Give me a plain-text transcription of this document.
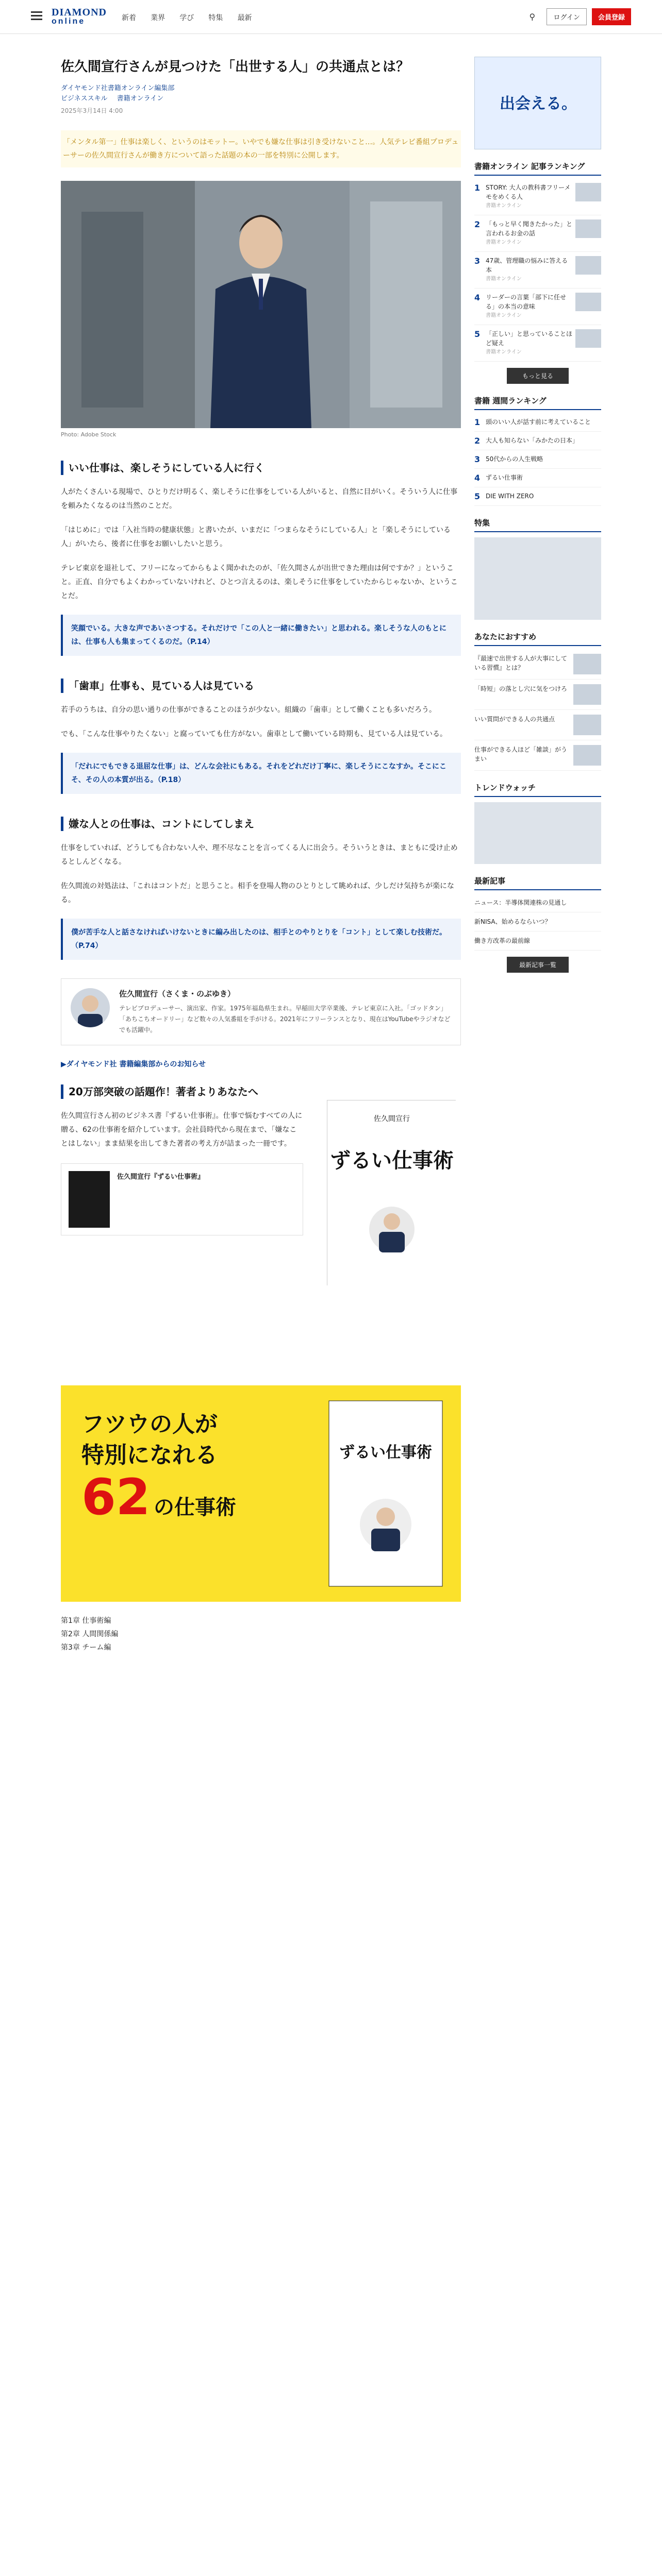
DIAMOND
online	新着 業界 学び 特集 最新	⚲	ログイン	会員登録
佐久間宣行さんが見つけた「出世する人」の共通点とは？
ダイヤモンド社書籍オンライン編集部
ビジネススキル 書籍オンライン
2025年3月14日 4:00
「メンタル第一」仕事は楽しく、というのはモットー。いやでも嫌な仕事は引き受けないこと…。人気テレビ番組プロデューサーの佐久間宣行さんが働き方について語った話題の本の一部を特別に公開します。
Photo: Adobe Stock
いい仕事は、楽しそうにしている人に行く

人がたくさんいる現場で、ひとりだけ明るく、楽しそうに仕事をしている人がいると、自然に目がいく。そういう人に仕事を頼みたくなるのは当然のことだ。

「はじめに」では「入社当時の健康状態」と書いたが、いまだに「つまらなそうにしている人」と「楽しそうにしている人」がいたら、後者に仕事をお願いしたいと思う。

テレビ東京を退社して、フリーになってからもよく聞かれたのが、「佐久間さんが出世できた理由は何ですか？」ということ。正直、自分でもよくわかっていないけれど、ひとつ言えるのは、楽しそうに仕事をしていたからじゃないか、ということだ。

笑顔でいる。大きな声であいさつする。それだけで「この人と一緒に働きたい」と思われる。楽しそうな人のもとには、仕事も人も集まってくるのだ。（P.14）
「歯車」仕事も、見ている人は見ている

若手のうちは、自分の思い通りの仕事ができることのほうが少ない。組織の「歯車」として働くことも多いだろう。

でも、「こんな仕事やりたくない」と腐っていても仕方がない。歯車として働いている時期も、見ている人は見ている。

「だれにでもできる退屈な仕事」は、どんな会社にもある。それをどれだけ丁寧に、楽しそうにこなすか。そこにこそ、その人の本質が出る。（P.18）
嫌な人との仕事は、コントにしてしまえ

仕事をしていれば、どうしても合わない人や、理不尽なことを言ってくる人に出会う。そういうときは、まともに受け止めるとしんどくなる。

佐久間流の対処法は、「これはコントだ」と思うこと。相手を登場人物のひとりとして眺めれば、少しだけ気持ちが楽になる。

僕が苦手な人と話さなければいけないときに編み出したのは、相手とのやりとりを「コント」として楽しむ技術だ。（P.74）
佐久間宣行（さくま・のぶゆき）
テレビプロデューサー、演出家、作家。1975年福島県生まれ。早稲田大学卒業後、テレビ東京に入社。「ゴッドタン」「あちこちオードリー」など数々の人気番組を手がける。2021年にフリーランスとなり、現在はYouTubeやラジオなどでも活躍中。
▶ダイヤモンド社 書籍編集部からのお知らせ
20万部突破の話題作！著者よりあなたへ

佐久間宣行さん初のビジネス書『ずるい仕事術』。仕事で悩むすべての人に贈る、62の仕事術を紹介しています。会社員時代から現在まで、「嫌なことはしない」まま結果を出してきた著者の考え方が詰まった一冊です。

佐久間宣行
ずるい仕事術
佐久間宣行『ずるい仕事術』
フツウの人が
特別になれる
62 の仕事術
ずるい仕事術
第1章 仕事術編
第2章 人間関係編
第3章 チーム編
出会える。
書籍オンライン 記事ランキング
1 STORY: 大人の教科書フリーメモをめくる人
書籍オンライン
2 「もっと早く聞きたかった」と言われるお金の話
書籍オンライン
3 47歳、管理職の悩みに答える本
書籍オンライン
4 リーダーの言葉「部下に任せる」の本当の意味
書籍オンライン
5 「正しい」と思っていることほど疑え
書籍オンライン
もっと見る
書籍 週間ランキング
1 頭のいい人が話す前に考えていること
2 大人も知らない「みかたの日本」
3 50代からの人生戦略
4 ずるい仕事術
5 DIE WITH ZERO
特集
あなたにおすすめ
『最速で出世する人が大事にしている習慣』とは？
「時短」の落とし穴に気をつけろ
いい質問ができる人の共通点
仕事ができる人ほど「雑談」がうまい
トレンドウォッチ
最新記事
ニュース：半導体関連株の見通し
新NISA、始めるならいつ？
働き方改革の最前線
最新記事一覧
